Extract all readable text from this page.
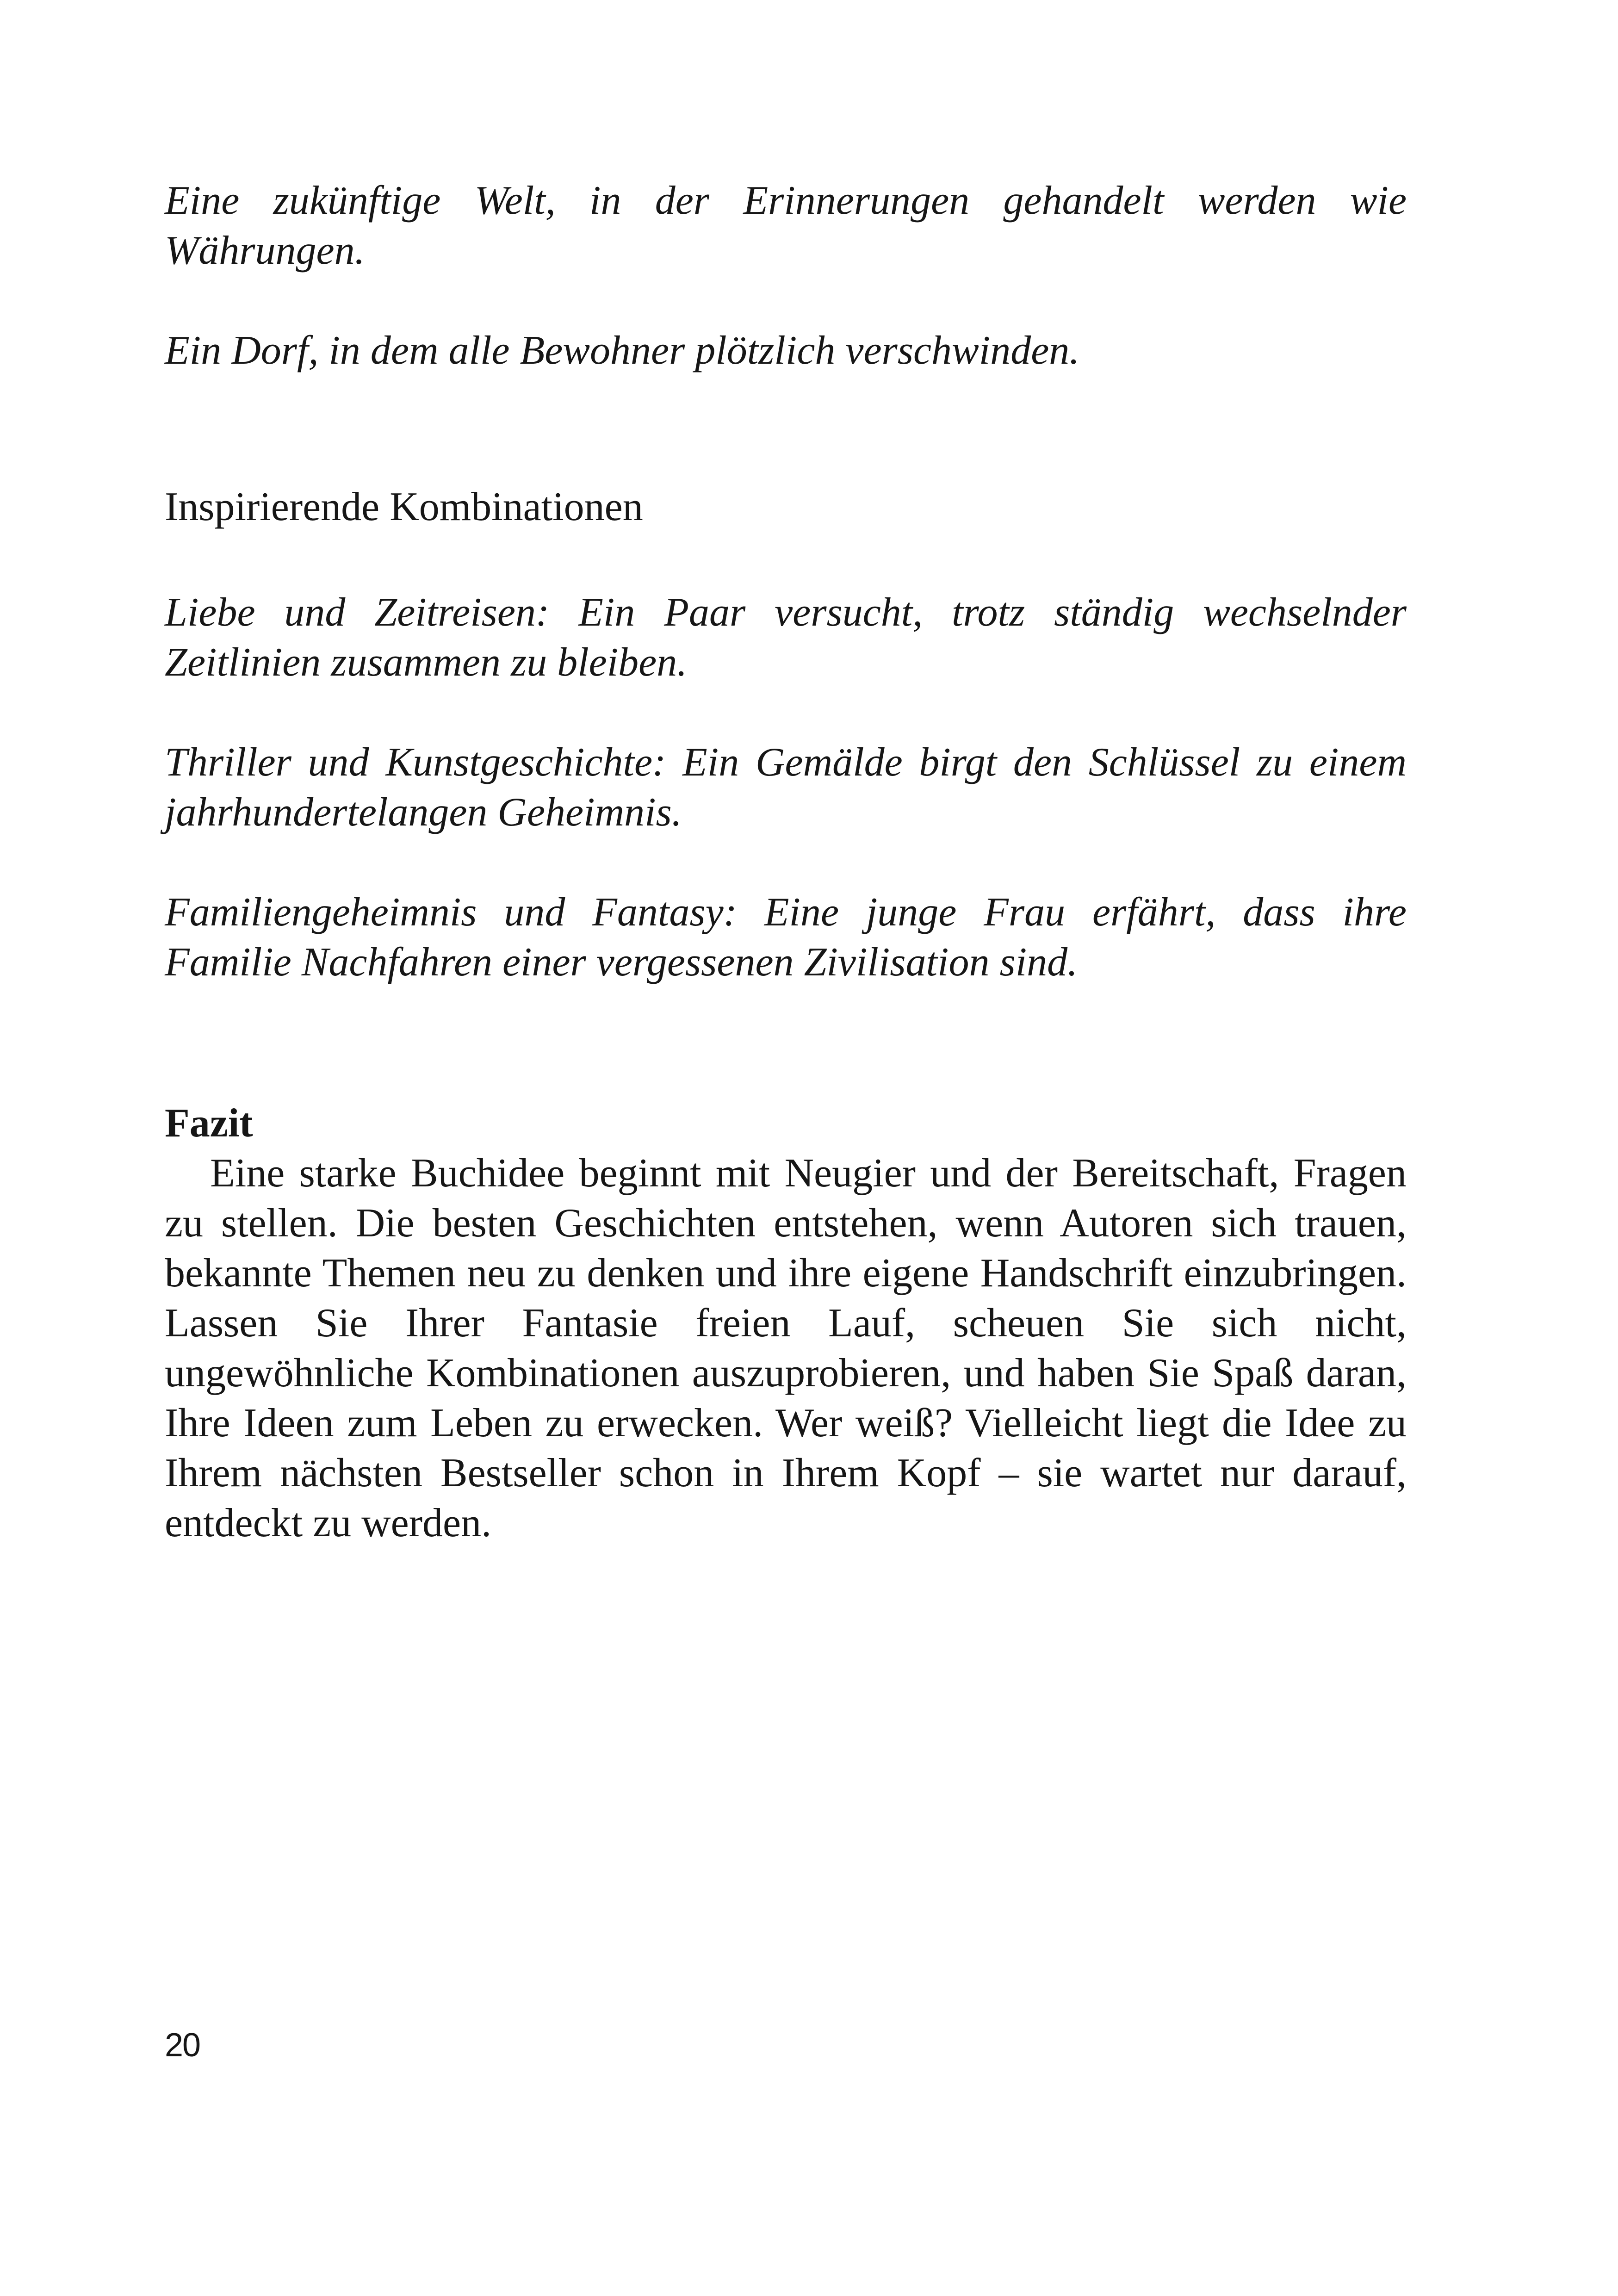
Eine zukünftige Welt, in der Erinnerungen gehandelt werden wie Währungen.

Ein Dorf, in dem alle Bewohner plötzlich verschwinden.

Inspirierende Kombinationen

Liebe und Zeitreisen: Ein Paar versucht, trotz ständig wechselnder Zeitlinien zusammen zu bleiben.

Thriller und Kunstgeschichte: Ein Gemälde birgt den Schlüssel zu einem jahrhundertelangen Geheimnis.

Familiengeheimnis und Fantasy: Eine junge Frau erfährt, dass ihre Familie Nachfahren einer vergessenen Zivilisation sind.

Fazit

Eine starke Buchidee beginnt mit Neugier und der Bereitschaft, Fragen zu stellen. Die besten Geschichten entstehen, wenn Autoren sich trauen, bekannte Themen neu zu denken und ihre eigene Handschrift einzubringen. Lassen Sie Ihrer Fantasie freien Lauf, scheuen Sie sich nicht, ungewöhnliche Kombinationen auszuprobieren, und haben Sie Spaß daran, Ihre Ideen zum Leben zu erwecken. Wer weiß? Vielleicht liegt die Idee zu Ihrem nächsten Bestseller schon in Ihrem Kopf – sie wartet nur darauf, entdeckt zu werden.

20
